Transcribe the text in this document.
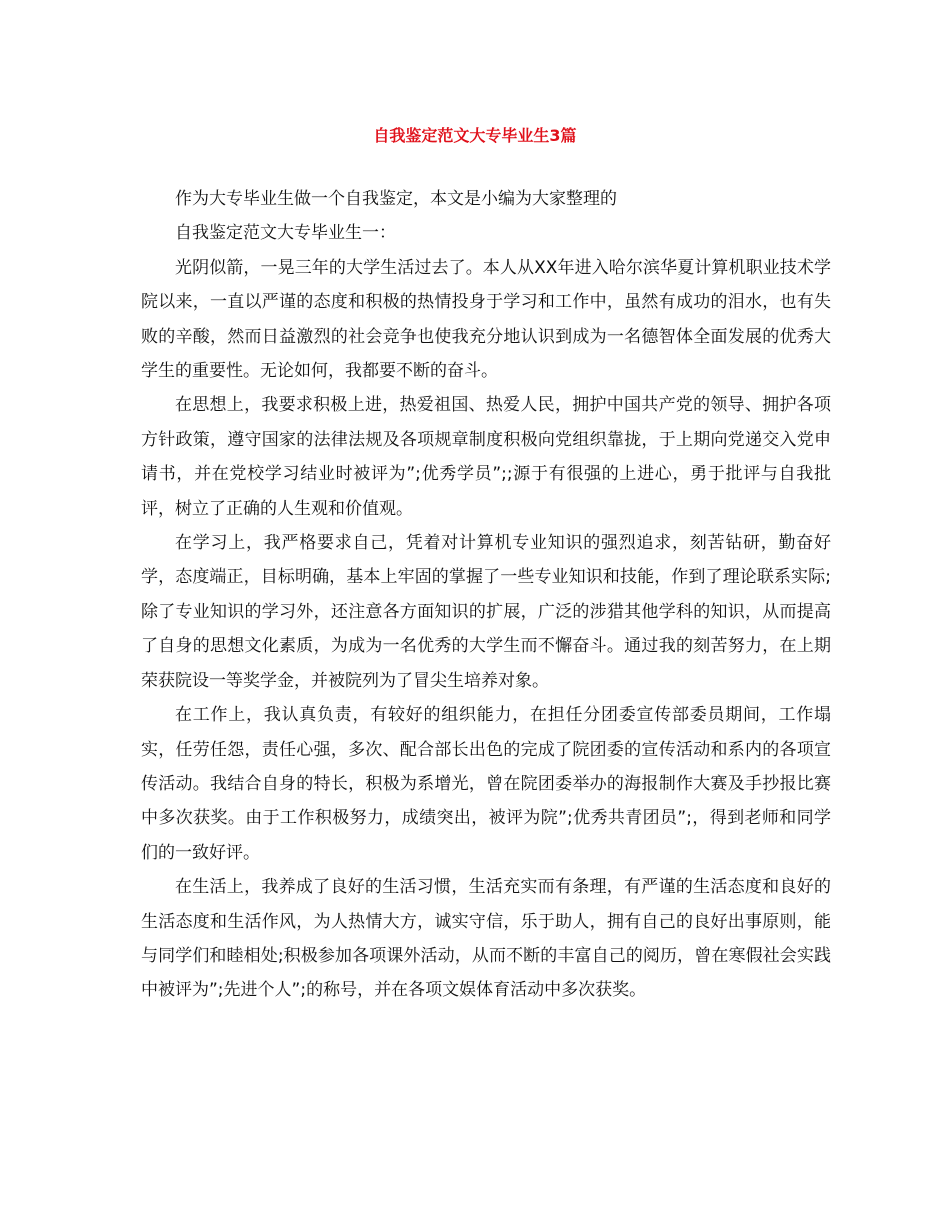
自我鉴定范文大专毕业生3篇

作为大专毕业生做一个自我鉴定，本文是小编为大家整理的

自我鉴定范文大专毕业生一：

光阴似箭，一晃三年的大学生活过去了。本人从XX年进入哈尔滨华夏计算机职业技术学院以来，一直以严谨的态度和积极的热情投身于学习和工作中，虽然有成功的泪水，也有失败的辛酸，然而日益激烈的社会竞争也使我充分地认识到成为一名德智体全面发展的优秀大学生的重要性。无论如何，我都要不断的奋斗。

在思想上，我要求积极上进，热爱祖国、热爱人民，拥护中国共产党的领导、拥护各项方针政策，遵守国家的法律法规及各项规章制度积极向党组织靠拢，于上期向党递交入党申请书，并在党校学习结业时被评为”;优秀学员”;;源于有很强的上进心，勇于批评与自我批评，树立了正确的人生观和价值观。

在学习上，我严格要求自己，凭着对计算机专业知识的强烈追求，刻苦钻研，勤奋好学，态度端正，目标明确，基本上牢固的掌握了一些专业知识和技能，作到了理论联系实际;除了专业知识的学习外，还注意各方面知识的扩展，广泛的涉猎其他学科的知识，从而提高了自身的思想文化素质，为成为一名优秀的大学生而不懈奋斗。通过我的刻苦努力，在上期荣获院设一等奖学金，并被院列为了冒尖生培养对象。

在工作上，我认真负责，有较好的组织能力，在担任分团委宣传部委员期间，工作塌实，任劳任怨，责任心强，多次、配合部长出色的完成了院团委的宣传活动和系内的各项宣传活动。我结合自身的特长，积极为系增光，曾在院团委举办的海报制作大赛及手抄报比赛中多次获奖。由于工作积极努力，成绩突出，被评为院”;优秀共青团员”;，得到老师和同学们的一致好评。

在生活上，我养成了良好的生活习惯，生活充实而有条理，有严谨的生活态度和良好的生活态度和生活作风，为人热情大方，诚实守信，乐于助人，拥有自己的良好出事原则，能与同学们和睦相处;积极参加各项课外活动，从而不断的丰富自己的阅历，曾在寒假社会实践中被评为”;先进个人”;的称号，并在各项文娱体育活动中多次获奖。
